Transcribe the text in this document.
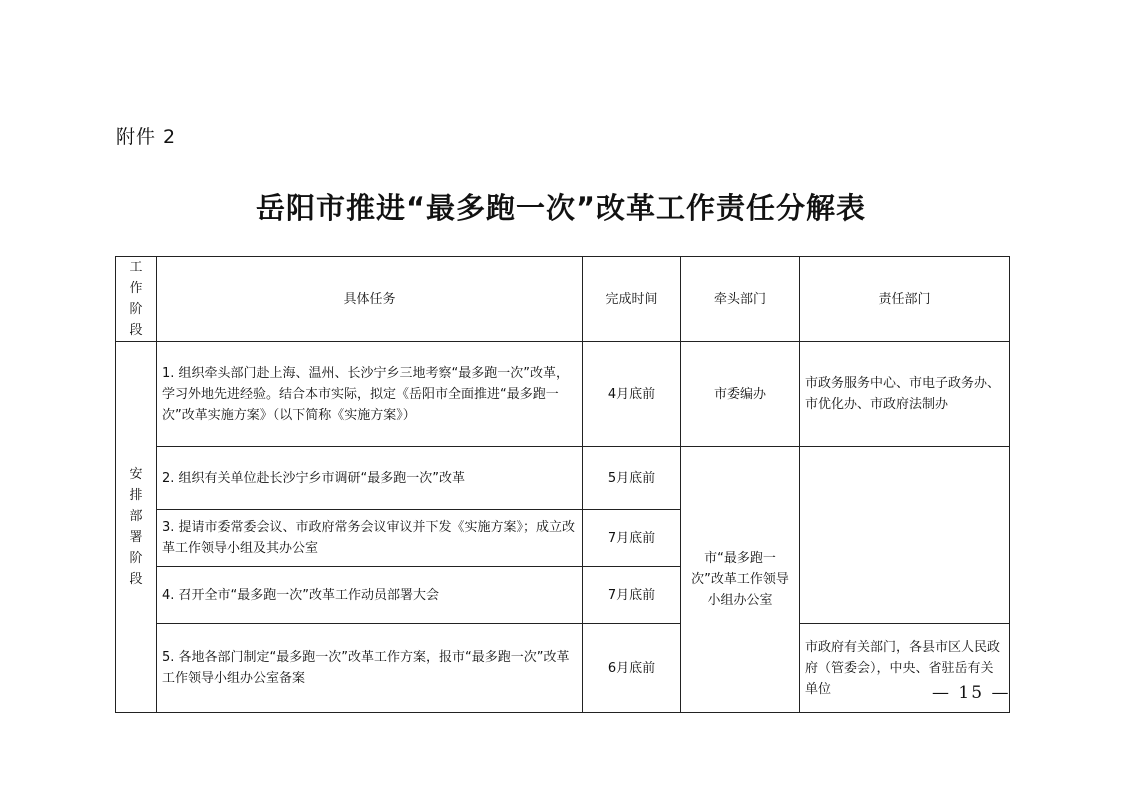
附件 2
岳阳市推进“最多跑一次”改革工作责任分解表
工作阶段	具体任务	完成时间	牵头部门	责任部门
安排部署阶段	1. 组织牵头部门赴上海、温州、长沙宁乡三地考察“最多跑一次”改革，学习外地先进经验。结合本市实际，拟定《岳阳市全面推进“最多跑一次”改革实施方案》（以下简称《实施方案》）	4月底前	市委编办	市政务服务中心、市电子政务办、市优化办、市政府法制办
	2. 组织有关单位赴长沙宁乡市调研“最多跑一次”改革	5月底前	市“最多跑一次”改革工作领导小组办公室	
	3. 提请市委常委会议、市政府常务会议审议并下发《实施方案》；成立改革工作领导小组及其办公室	7月底前		
	4. 召开全市“最多跑一次”改革工作动员部署大会	7月底前		
	5. 各地各部门制定“最多跑一次”改革工作方案，报市“最多跑一次”改革工作领导小组办公室备案	6月底前		市政府有关部门，各县市区人民政府（管委会），中央、省驻岳有关单位	— 15 —
